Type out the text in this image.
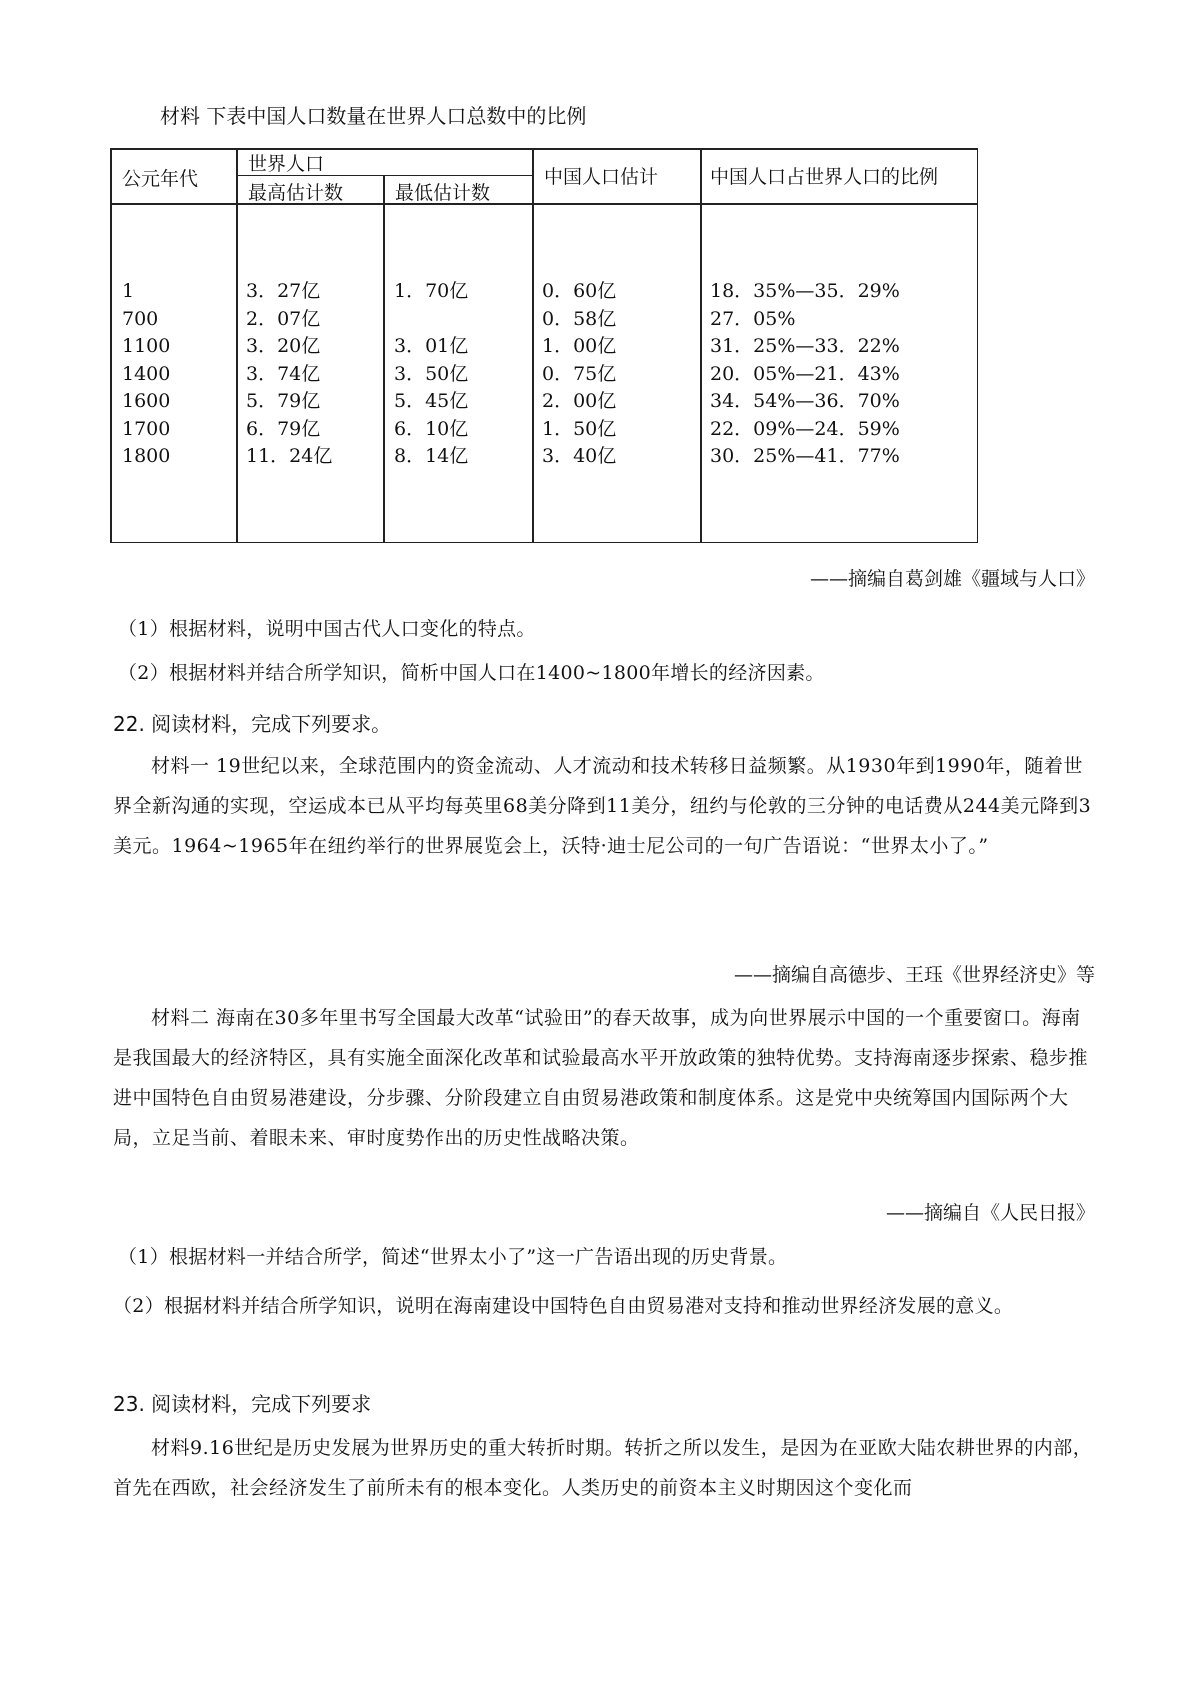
材料 下表中国人口数量在世界人口总数中的比例
公元年代
世界人口
最高估计数	最低估计数
中国人口估计	中国人口占世界人口的比例
1
700
1100
1400
1600
1700
1800
3．27亿
2．07亿
3．20亿
3．74亿
5．79亿
6．79亿
11．24亿
1．70亿
3．01亿
3．50亿
5．45亿
6．10亿
8．14亿
0．60亿
0．58亿
1．00亿
0．75亿
2．00亿
1．50亿
3．40亿
18．35%—35．29%
27．05%
31．25%—33．22%
20．05%—21．43%
34．54%—36．70%
22．09%—24．59%
30．25%—41．77%
——摘编自葛剑雄《疆域与人口》
（1）根据材料，说明中国古代人口变化的特点。
（2）根据材料并结合所学知识，简析中国人口在1400~1800年增长的经济因素。
22. 阅读材料，完成下列要求。
材料一 19世纪以来，全球范围内的资金流动、人才流动和技术转移日益频繁。从1930年到1990年，随着世界全新沟通的实现，空运成本已从平均每英里68美分降到11美分，纽约与伦敦的三分钟的电话费从244美元降到3美元。1964~1965年在纽约举行的世界展览会上，沃特·迪士尼公司的一句广告语说：“世界太小了。”
——摘编自高德步、王珏《世界经济史》等
材料二 海南在30多年里书写全国最大改革“试验田”的春天故事，成为向世界展示中国的一个重要窗口。海南是我国最大的经济特区，具有实施全面深化改革和试验最高水平开放政策的独特优势。支持海南逐步探索、稳步推进中国特色自由贸易港建设，分步骤、分阶段建立自由贸易港政策和制度体系。这是党中央统筹国内国际两个大局，立足当前、着眼未来、审时度势作出的历史性战略决策。
——摘编自《人民日报》
（1）根据材料一并结合所学，简述“世界太小了”这一广告语出现的历史背景。
（2）根据材料并结合所学知识，说明在海南建设中国特色自由贸易港对支持和推动世界经济发展的意义。
23. 阅读材料，完成下列要求
材料9.16世纪是历史发展为世界历史的重大转折时期。转折之所以发生，是因为在亚欧大陆农耕世界的内部，首先在西欧，社会经济发生了前所未有的根本变化。人类历史的前资本主义时期因这个变化而
